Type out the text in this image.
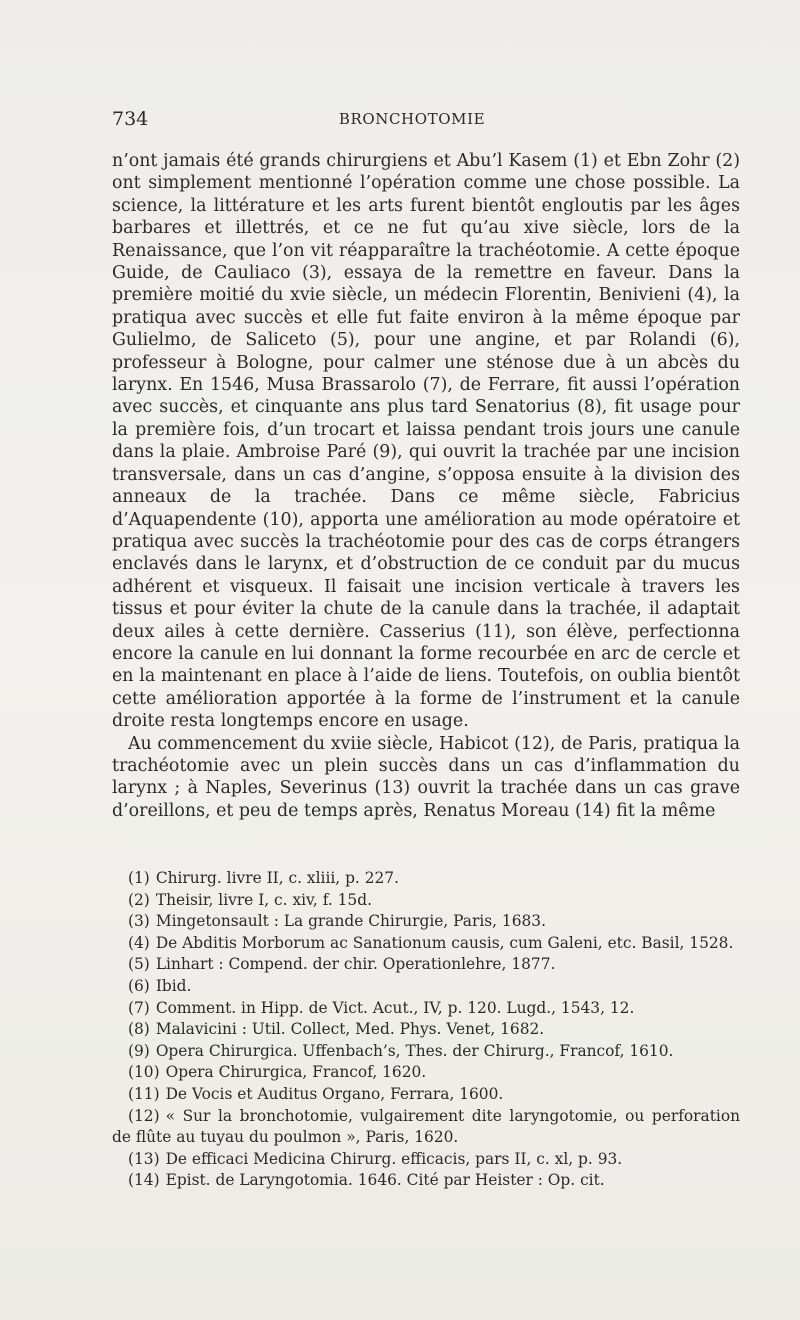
734	BRONCHOTOMIE

n’ont jamais été grands chirurgiens et Abu’l Kasem (1) et Ebn Zohr (2) ont simplement mentionné l’opération comme une chose possible. La science, la littérature et les arts furent bientôt engloutis par les âges barbares et illettrés, et ce ne fut qu’au xive siècle, lors de la Renaissance, que l’on vit réapparaître la trachéotomie. A cette époque Guide, de Cauliaco (3), essaya de la remettre en faveur. Dans la première moitié du xvie siècle, un médecin Florentin, Benivieni (4), la pratiqua avec succès et elle fut faite environ à la même époque par Gulielmo, de Saliceto (5), pour une angine, et par Rolandi (6), professeur à Bologne, pour calmer une sténose due à un abcès du larynx. En 1546, Musa Brassarolo (7), de Ferrare, fit aussi l’opération avec succès, et cinquante ans plus tard Senatorius (8), fit usage pour la première fois, d’un trocart et laissa pendant trois jours une canule dans la plaie. Ambroise Paré (9), qui ouvrit la trachée par une incision transversale, dans un cas d’angine, s’opposa ensuite à la division des anneaux de la trachée. Dans ce même siècle, Fabricius d’Aquapendente (10), apporta une amélioration au mode opératoire et pratiqua avec succès la trachéotomie pour des cas de corps étrangers enclavés dans le larynx, et d’obstruction de ce conduit par du mucus adhérent et visqueux. Il faisait une incision verticale à travers les tissus et pour éviter la chute de la canule dans la trachée, il adaptait deux ailes à cette dernière. Casserius (11), son élève, perfectionna encore la canule en lui donnant la forme recourbée en arc de cercle et en la maintenant en place à l’aide de liens. Toutefois, on oublia bientôt cette amélioration apportée à la forme de l’instrument et la canule droite resta longtemps encore en usage.

Au commencement du xviie siècle, Habicot (12), de Paris, pratiqua la trachéotomie avec un plein succès dans un cas d’inflammation du larynx ; à Naples, Severinus (13) ouvrit la trachée dans un cas grave d’oreillons, et peu de temps après, Renatus Moreau (14) fit la même

(1) Chirurg. livre II, c. xliii, p. 227.
(2) Theisir, livre I, c. xiv, f. 15d.
(3) Mingetonsault : La grande Chirurgie, Paris, 1683.
(4) De Abditis Morborum ac Sanationum causis, cum Galeni, etc. Basil, 1528.
(5) Linhart : Compend. der chir. Operationlehre, 1877.
(6) Ibid.
(7) Comment. in Hipp. de Vict. Acut., IV, p. 120. Lugd., 1543, 12.
(8) Malavicini : Util. Collect, Med. Phys. Venet, 1682.
(9) Opera Chirurgica. Uffenbach’s, Thes. der Chirurg., Francof, 1610.
(10) Opera Chirurgica, Francof, 1620.
(11) De Vocis et Auditus Organo, Ferrara, 1600.
(12) « Sur la bronchotomie, vulgairement dite laryngotomie, ou perforation de flûte au tuyau du poulmon », Paris, 1620.
(13) De efficaci Medicina Chirurg. efficacis, pars II, c. xl, p. 93.
(14) Epist. de Laryngotomia. 1646. Cité par Heister : Op. cit.
